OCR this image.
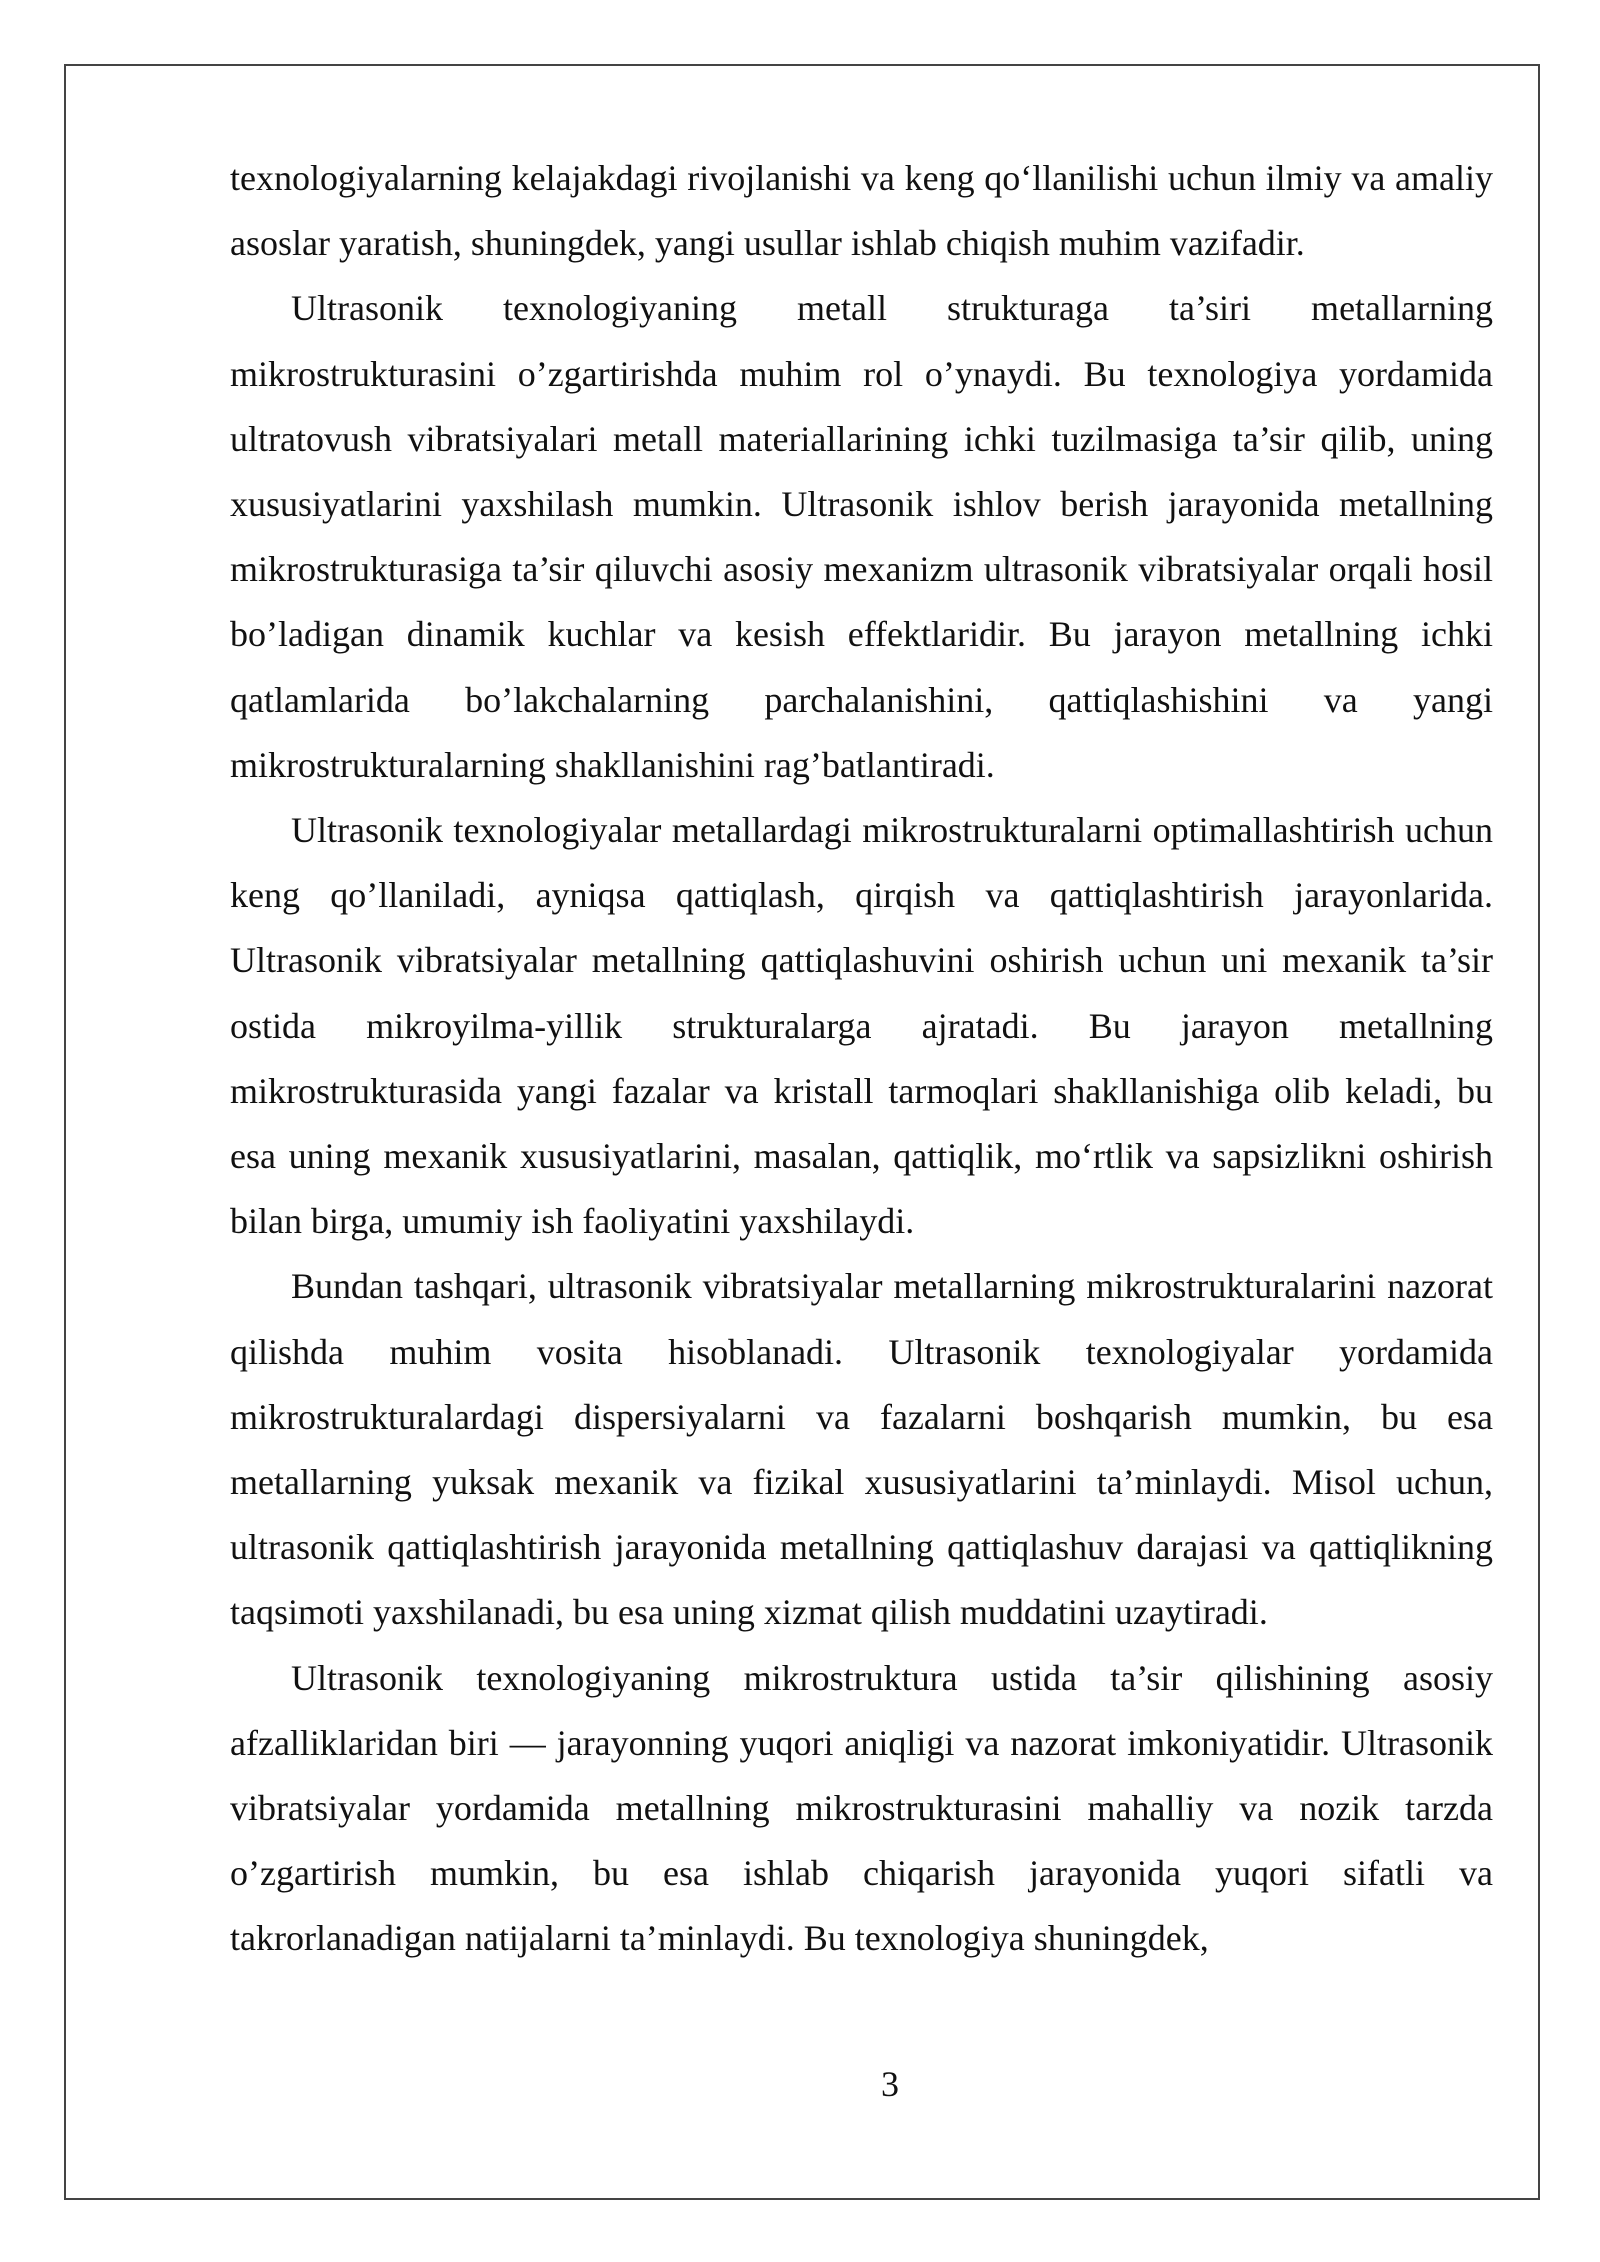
texnologiyalarning kelajakdagi rivojlanishi va keng qo‘llanilishi uchun ilmiy va amaliy asoslar yaratish, shuningdek, yangi usullar ishlab chiqish muhim vazifadir.

Ultrasonik texnologiyaning metall strukturaga ta’siri metallarning mikrostrukturasini o’zgartirishda muhim rol o’ynaydi. Bu texnologiya yordamida ultratovush vibratsiyalari metall materiallarining ichki tuzilmasiga ta’sir qilib, uning xususiyatlarini yaxshilash mumkin. Ultrasonik ishlov berish jarayonida metallning mikrostrukturasiga ta’sir qiluvchi asosiy mexanizm ultrasonik vibratsiyalar orqali hosil bo’ladigan dinamik kuchlar va kesish effektlaridir. Bu jarayon metallning ichki qatlamlarida bo’lakchalarning parchalanishini, qattiqlashishini va yangi mikrostrukturalarning shakllanishini rag’batlantiradi.

Ultrasonik texnologiyalar metallardagi mikrostrukturalarni optimallashtirish uchun keng qo’llaniladi, ayniqsa qattiqlash, qirqish va qattiqlashtirish jarayonlarida. Ultrasonik vibratsiyalar metallning qattiqlashuvini oshirish uchun uni mexanik ta’sir ostida mikroyilma-yillik strukturalarga ajratadi. Bu jarayon metallning mikrostrukturasida yangi fazalar va kristall tarmoqlari shakllanishiga olib keladi, bu esa uning mexanik xususiyatlarini, masalan, qattiqlik, mo‘rtlik va sapsizlikni oshirish bilan birga, umumiy ish faoliyatini yaxshilaydi.

Bundan tashqari, ultrasonik vibratsiyalar metallarning mikrostrukturalarini nazorat qilishda muhim vosita hisoblanadi. Ultrasonik texnologiyalar yordamida mikrostrukturalardagi dispersiyalarni va fazalarni boshqarish mumkin, bu esa metallarning yuksak mexanik va fizikal xususiyatlarini ta’minlaydi. Misol uchun, ultrasonik qattiqlashtirish jarayonida metallning qattiqlashuv darajasi va qattiqlikning taqsimoti yaxshilanadi, bu esa uning xizmat qilish muddatini uzaytiradi.

Ultrasonik texnologiyaning mikrostruktura ustida ta’sir qilishining asosiy afzalliklaridan biri — jarayonning yuqori aniqligi va nazorat imkoniyatidir. Ultrasonik vibratsiyalar yordamida metallning mikrostrukturasini mahalliy va nozik tarzda o’zgartirish mumkin, bu esa ishlab chiqarish jarayonida yuqori sifatli va takrorlanadigan natijalarni ta’minlaydi. Bu texnologiya shuningdek,

3
